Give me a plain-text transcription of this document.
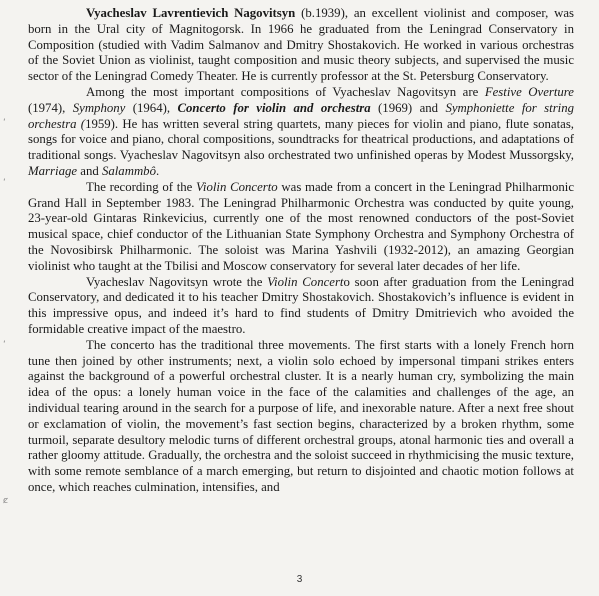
Vyacheslav Lavrentievich Nagovitsyn (b.1939), an excellent violinist and composer, was born in the Ural city of Magnitogorsk. In 1966 he graduated from the Leningrad Conservatory in Composition (studied with Vadim Salmanov and Dmitry Shostakovich. He worked in various orchestras of the Soviet Union as violinist, taught composition and music theory subjects, and supervised the music sector of the Leningrad Comedy Theater. He is currently professor at the St. Petersburg Conservatory.

Among the most important compositions of Vyacheslav Nagovitsyn are Festive Overture (1974), Symphony (1964), Concerto for violin and orchestra (1969) and Symphoniette for string orchestra (1959). He has written several string quartets, many pieces for violin and piano, flute sonatas, songs for voice and piano, choral compositions, soundtracks for theatrical productions, and adaptations of traditional songs. Vyacheslav Nagovitsyn also orchestrated two unfinished operas by Modest Mussorgsky, Marriage and Salammbô.

The recording of the Violin Concerto was made from a concert in the Leningrad Philharmonic Grand Hall in September 1983. The Leningrad Philharmonic Orchestra was conducted by quite young, 23-year-old Gintaras Rinkevicius, currently one of the most renowned conductors of the post-Soviet musical space, chief conductor of the Lithuanian State Symphony Orchestra and Symphony Orchestra of the Novosibirsk Philharmonic. The soloist was Marina Yashvili (1932-2012), an amazing Georgian violinist who taught at the Tbilisi and Moscow conservatory for several later decades of her life.

Vyacheslav Nagovitsyn wrote the Violin Concerto soon after graduation from the Leningrad Conservatory, and dedicated it to his teacher Dmitry Shostakovich. Shostakovich’s influence is evident in this impressive opus, and indeed it’s hard to find students of Dmitry Dmitrievich who avoided the formidable creative impact of the maestro.

The concerto has the traditional three movements. The first starts with a lonely French horn tune then joined by other instruments; next, a violin solo echoed by impersonal timpani strikes enters against the background of a powerful orchestral cluster. It is a nearly human cry, symbolizing the main idea of the opus: a lonely human voice in the face of the calamities and challenges of the age, an individual tearing around in the search for a purpose of life, and inexorable nature. After a next free shout or exclamation of violin, the movement’s fast section begins, characterized by a broken rhythm, some turmoil, separate desultory melodic turns of different orchestral groups, atonal harmonic ties and overall a rather gloomy attitude. Gradually, the orchestra and the soloist succeed in rhythmicising the music texture, with some remote semblance of a march emerging, but return to disjointed and chaotic motion follows at once, which reaches culmination, intensifies, and

ʻ
ʻ
ʻ
ȼ
3
